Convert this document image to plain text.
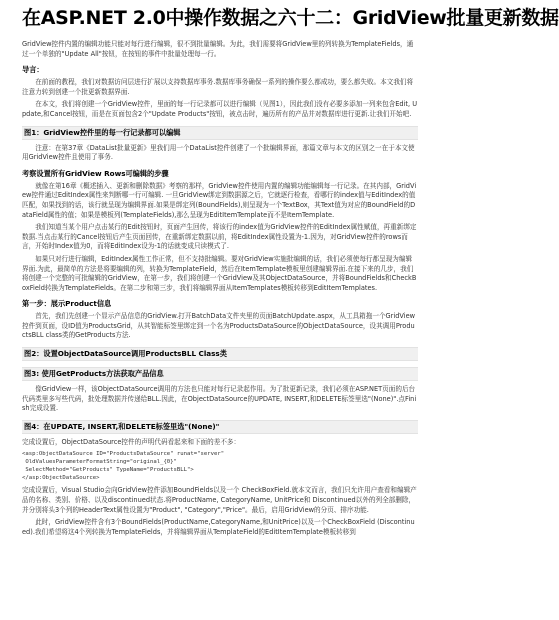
在ASP.NET 2.0中操作数据之六十二：GridView批量更新数据

GridView控件内置的编辑功能只能对每行进行编辑，很不到批量编辑。为此，我们需要将GridView里的列转换为TemplateFields，通过一个单独的"Update All"按钮，在按钮的事件中批量处理每一行。

导言：

在前面的教程，我们对数据访问层进行扩展以支持数据库事务.数据库事务确保一系列的操作要么都成功，要么都失败。本文我们将注意力转到创建一个批更新数据界面.

在本文，我们将创建一个GridView控件，里面的每一行记录都可以进行编辑（见图1），因此我们没有必要多添加一列来包含Edit, Update,和Cancel按钮，而是在页面包含2个"Update Products"按钮，被点击时，遍历所有的产品并对数据库进行更新.让我们开始吧.

图1：GridView控件里的每一行记录都可以编辑

注意：在第37章《DataList批量更新》里我们用一个DataList控件创建了一个批编辑界面，那篇文章与本文的区别之一在于本文使用GridView控件且使用了事务.

考察设置所有GridView Rows可编辑的步骤

就像在第16章《概述插入、更新和删除数据》考察的那样，GridView控件使用内置的编辑功能编辑每一行记录。在其内部，GridView控件通过EditIndex属性来判断哪一行可编辑. 一旦GridView绑定到数据源之后，它就逐行检查，看哪行的index值与EditIndex的值匹配，如果找到的话，该行就呈现为编辑界面.如果是绑定列(BoundFields),则呈现为一个TextBox，其Text值为对应的BoundField的DataField属性的值；如果是模板列(TemplateFields),那么呈现为EditItemTemplate而不是ItemTemplate.

我们知道当某个用户点击某行的Edit按钮时，页面产生回传，将该行的index值为GridView控件的EditIndex属性赋值，再重新绑定数据.当点击某行的Cancel按钮后产生页面回传，在重新绑定数据以前，将EditIndex属性设置为-1.因为，对GridView控件的rows而言，开始时Index值为0，而将EditIndex设为-1的话就变成只读模式了.

如果只对行进行编辑，EditIndex属性工作正常，但不支持批编辑。要对GridView实施批编辑的话，我们必须使每行都呈现为编辑界面.为此，最简单的方法是将要编辑的列，转换为TemplateField，然后在ItemTemplate模板里创建编辑界面.在接下来的几步，我们将创建一个完整的可批编辑的GridView，在第一步，我们将创建一个GridView及其ObjectDataSource，并将BoundFields和CheckBoxField转换为TemplateFields。在第二步和第三步，我们将编辑界面从ItemTemplates模板转移到EditItemTemplates.

第一步：展示Product信息

首先，我们先创建一个显示产品信息的GridView.打开BatchData文件夹里的页面BatchUpdate.aspx，从工具箱拖一个GridView控件到页面，设ID值为ProductsGrid，从其智能标签里绑定到一个名为ProductsDataSource的ObjectDataSource，设其调用ProductsBLL class类的GetProducts方法.

图2：设置ObjectDataSource调用ProductsBLL Class类
图3: 使用GetProducts方法获取产品信息

像GridView一样，该ObjectDataSource调用的方法也只能对每行记录起作用。为了批更新记录，我们必须在ASP.NET页面的后台代码类里多写些代码，批处理数据并传递给BLL.因此，在ObjectDataSource的UPDATE, INSERT,和DELETE标签里选"(None)".点Finish完成设置.

图4：在UPDATE, INSERT,和DELETE标签里选"(None)"

完成设置后，ObjectDataSource控件的声明代码看起来和下面的差不多：

<asp:ObjectDataSource ID="ProductsDataSource" runat="server"
OldValuesParameterFormatString="original_{0}"
SelectMethod="GetProducts" TypeName="ProductsBLL">
</asp:ObjectDataSource>

完成设置后，Visual Studio会向GridView控件添加BoundFields以及一个 CheckBoxField.就本文而言，我们只允许用户查看和编辑产品的名称、类别、价格、以及discontinued状态.将ProductName, CategoryName, UnitPrice和 Discontinued以外的列全部删除，并分别将头3个列的HeaderText属性设置为"Product", "Category","Price"。最后，启用GridView的分页、排序功能.

此时，GridView控件含有3个BoundFields(ProductName,CategoryName,和UnitPrice)以及一个CheckBoxField (Discontinued).我们希望将这4个列转换为TemplateFields，并将编辑界面从TemplateField的EditItemTemplate模板转移到
